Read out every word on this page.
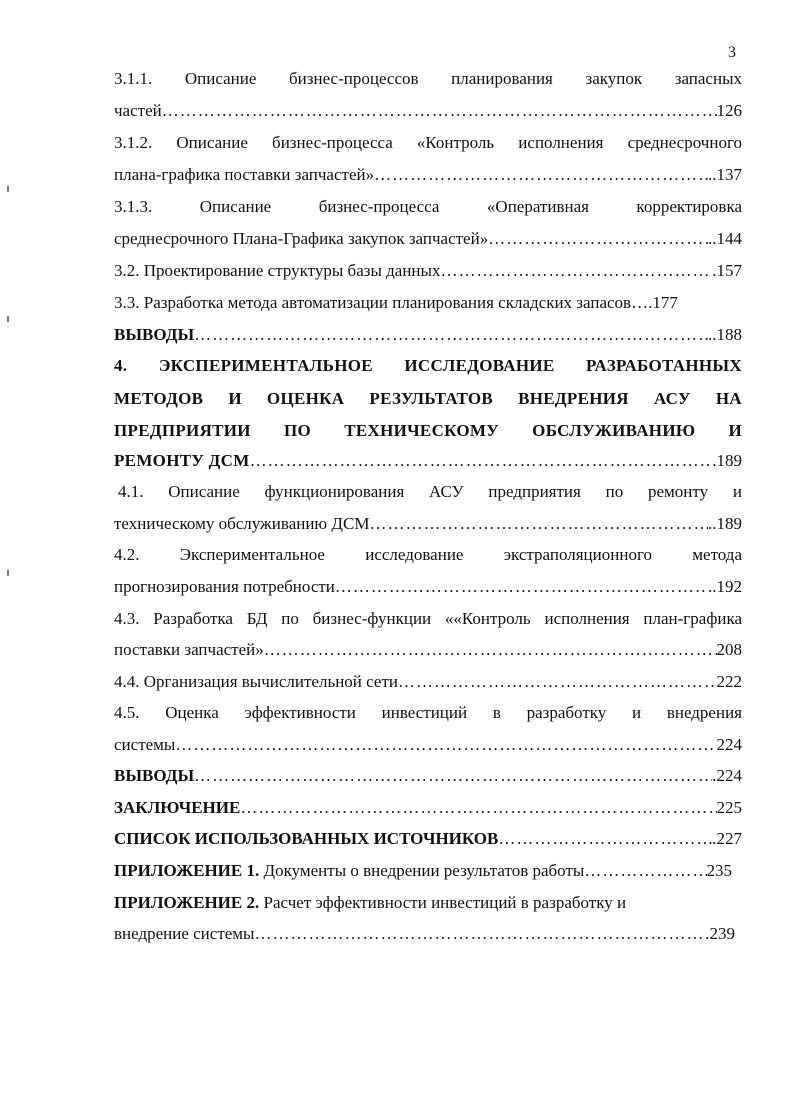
3
3.1.1. Описание бизнес-процессов планирования закупок запасных
частей …………………………………………………………………………………………………………………………………………………………………………………………	126
3.1.2. Описание бизнес-процесса «Контроль исполнения среднесрочного
плана-графика поставки запчастей» …………………………………………………………………………………………………………………………………………………………………………………………	..137
3.1.3. Описание бизнес-процесса «Оперативная корректировка
среднесрочного Плана-Графика закупок запчастей» …………………………………………………………………………………………………………………………………………………………………………………………	..144
3.2. Проектирование структуры базы данных …………………………………………………………………………………………………………………………………………………………………………………………	.157
3.3. Разработка метода автоматизации планирования складских запасов ….177
ВЫВОДЫ …………………………………………………………………………………………………………………………………………………………………………………………	..188
4. ЭКСПЕРИМЕНТАЛЬНОЕ ИССЛЕДОВАНИЕ РАЗРАБОТАННЫХ
МЕТОДОВ И ОЦЕНКА РЕЗУЛЬТАТОВ ВНЕДРЕНИЯ АСУ НА
ПРЕДПРИЯТИИ ПО ТЕХНИЧЕСКОМУ ОБСЛУЖИВАНИЮ И
РЕМОНТУ ДСМ …………………………………………………………………………………………………………………………………………………………………………………………	.189
4.1. Описание функционирования АСУ предприятия по ремонту и
техническому обслуживанию ДСМ …………………………………………………………………………………………………………………………………………………………………………………………	..189
4.2. Экспериментальное исследование экстраполяционного метода
прогнозирования потребности …………………………………………………………………………………………………………………………………………………………………………………………	..192
4.3. Разработка БД по бизнес-функции ««Контроль исполнения план-графика
поставки запчастей» …………………………………………………………………………………………………………………………………………………………………………………………	208
4.4. Организация вычислительной сети …………………………………………………………………………………………………………………………………………………………………………………………	222
4.5. Оценка эффективности инвестиций в разработку и внедрения
системы …………………………………………………………………………………………………………………………………………………………………………………………	224
ВЫВОДЫ …………………………………………………………………………………………………………………………………………………………………………………………	.224
ЗАКЛЮЧЕНИЕ …………………………………………………………………………………………………………………………………………………………………………………………	225
СПИСОК ИСПОЛЬЗОВАННЫХ ИСТОЧНИКОВ …………………………………………………………………………………………………………………………………………………………………………………………	.227
ПРИЛОЖЕНИЕ 1. Документы о внедрении результатов работы …………………………………………………………………………………………………………………………………………………………………………………………	235
ПРИЛОЖЕНИЕ 2. Расчет эффективности инвестиций в разработку и
внедрение системы …………………………………………………………………………………………………………………………………………………………………………………………	239
